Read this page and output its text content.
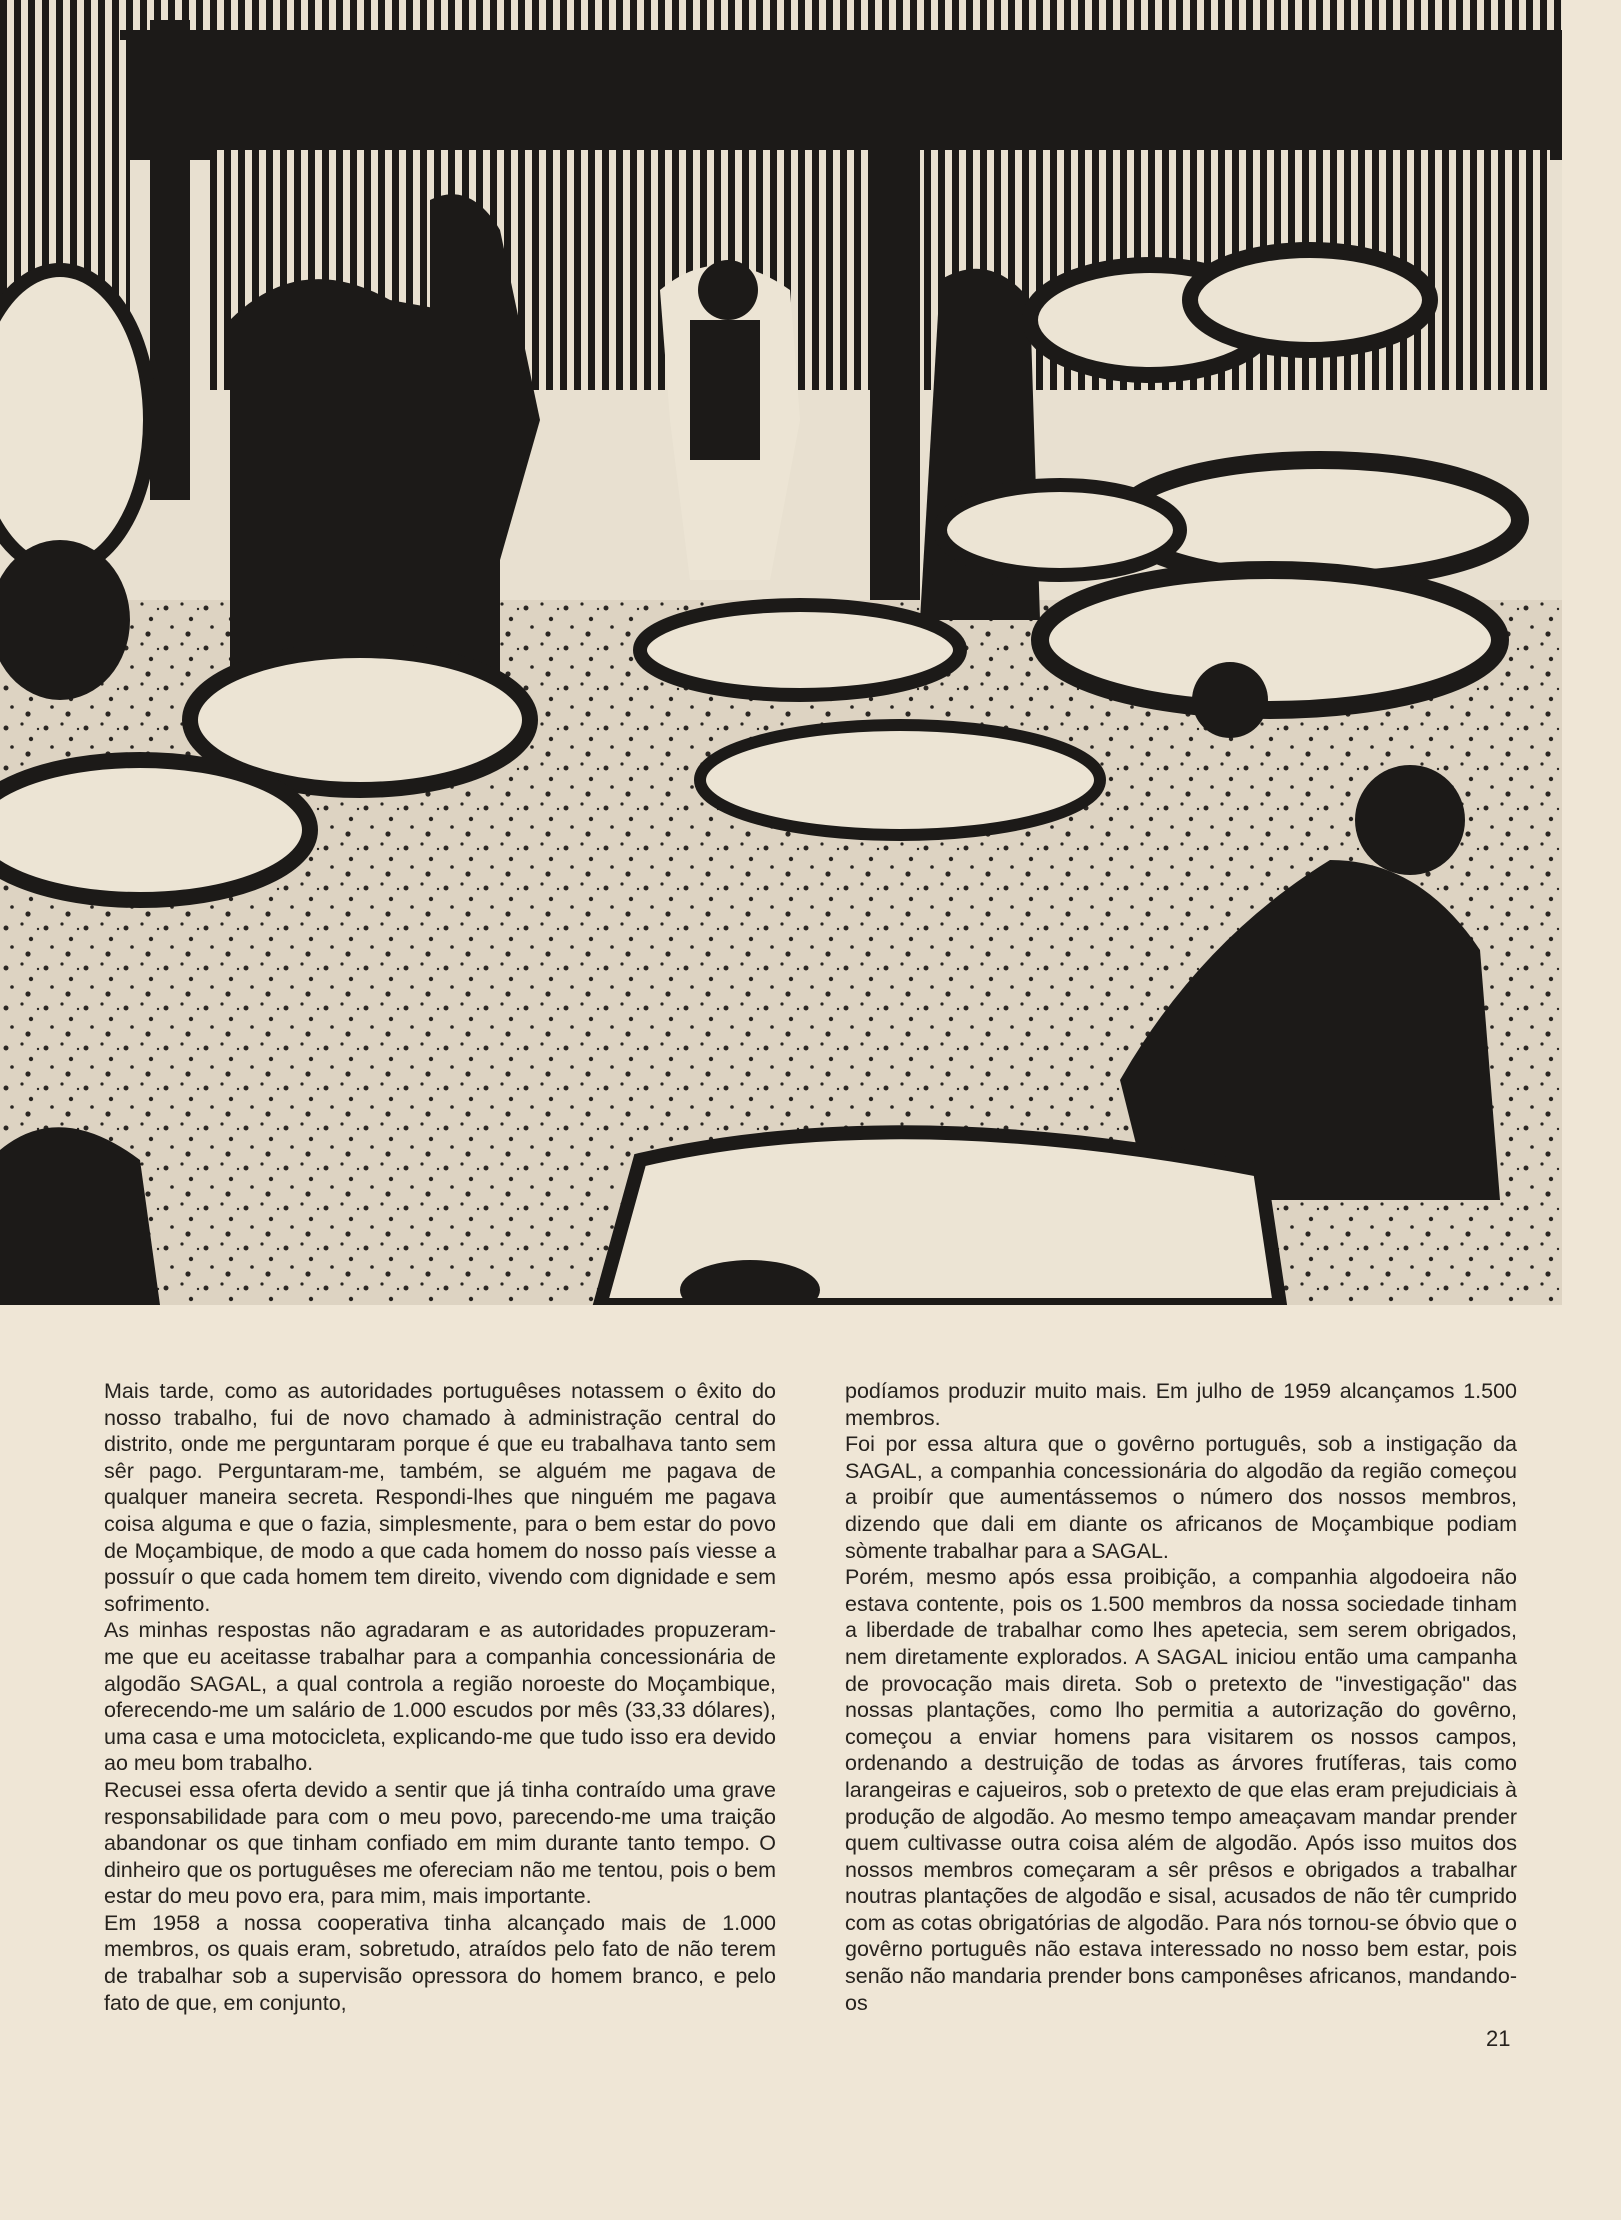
Mais tarde, como as autoridades portuguêses notassem o êxito do nosso trabalho, fui de novo chamado à administração central do distrito, onde me perguntaram porque é que eu trabalhava tanto sem sêr pago. Perguntaram-me, também, se alguém me pagava de qualquer maneira secreta. Respondi-lhes que ninguém me pagava coisa alguma e que o fazia, simplesmente, para o bem estar do povo de Moçambique, de modo a que cada homem do nosso país viesse a possuír o que cada homem tem direito, vivendo com dignidade e sem sofrimento.

As minhas respostas não agradaram e as autoridades propuzeram-me que eu aceitasse trabalhar para a companhia concessionária de algodão SAGAL, a qual controla a região noroeste do Moçambique, oferecendo-me um salário de 1.000 escudos por mês (33,33 dólares), uma casa e uma motocicleta, explicando-me que tudo isso era devido ao meu bom trabalho.

Recusei essa oferta devido a sentir que já tinha contraído uma grave responsabilidade para com o meu povo, parecendo-me uma traição abandonar os que tinham confiado em mim durante tanto tempo. O dinheiro que os portuguêses me ofereciam não me tentou, pois o bem estar do meu povo era, para mim, mais importante.

Em 1958 a nossa cooperativa tinha alcançado mais de 1.000 membros, os quais eram, sobretudo, atraídos pelo fato de não terem de trabalhar sob a supervisão opressora do homem branco, e pelo fato de que, em conjunto,

podíamos produzir muito mais. Em julho de 1959 alcançamos 1.500 membros.

Foi por essa altura que o govêrno português, sob a instigação da SAGAL, a companhia concessionária do algodão da região começou a proibír que aumentássemos o número dos nossos membros, dizendo que dali em diante os africanos de Moçambique podiam sòmente trabalhar para a SAGAL.

Porém, mesmo após essa proibição, a companhia algodoeira não estava contente, pois os 1.500 membros da nossa sociedade tinham a liberdade de trabalhar como lhes apetecia, sem serem obrigados, nem diretamente explorados. A SAGAL iniciou então uma campanha de provocação mais direta. Sob o pretexto de "investigação" das nossas plantações, como lho permitia a autorização do govêrno, começou a enviar homens para visitarem os nossos campos, ordenando a destruição de todas as árvores frutíferas, tais como larangeiras e cajueiros, sob o pretexto de que elas eram prejudiciais à produção de algodão. Ao mesmo tempo ameaçavam mandar prender quem cultivasse outra coisa além de algodão. Após isso muitos dos nossos membros começaram a sêr prêsos e obrigados a trabalhar noutras plantações de algodão e sisal, acusados de não têr cumprido com as cotas obrigatórias de algodão. Para nós tornou-se óbvio que o govêrno português não estava interessado no nosso bem estar, pois senão não mandaria prender bons camponêses africanos, mandando-os

21
